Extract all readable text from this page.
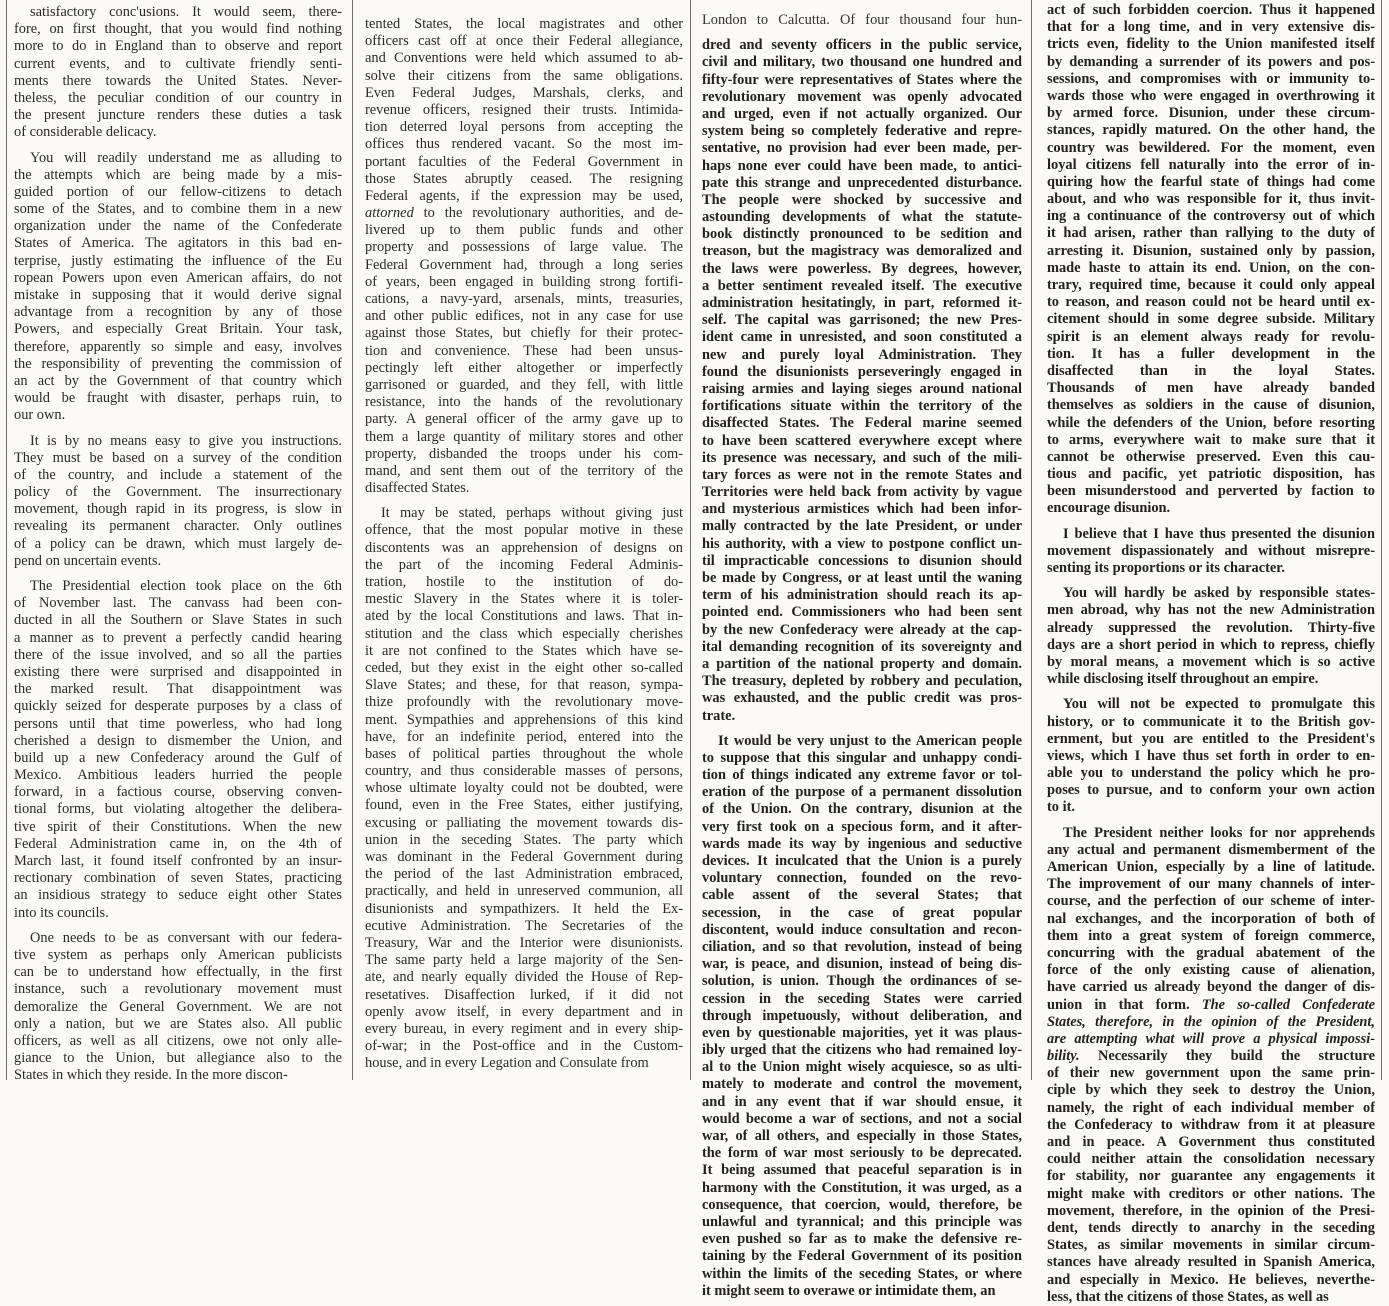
satisfactory conc'usions. It would seem, there-
fore, on first thought, that you would find nothing
more to do in England than to observe and report
current events, and to cultivate friendly senti-
ments there towards the United States. Never-
theless, the peculiar condition of our country in
the present juncture renders these duties a task
of considerable delicacy.
You will readily understand me as alluding to
the attempts which are being made by a mis-
guided portion of our fellow-citizens to detach
some of the States, and to combine them in a new
organization under the name of the Confederate
States of America. The agitators in this bad en-
terprise, justly estimating the influence of the Eu
ropean Powers upon even American affairs, do not
mistake in supposing that it would derive signal
advantage from a recognition by any of those
Powers, and especially Great Britain. Your task,
therefore, apparently so simple and easy, involves
the responsibility of preventing the commission of
an act by the Government of that country which
would be fraught with disaster, perhaps ruin, to
our own.
It is by no means easy to give you instructions.
They must be based on a survey of the condition
of the country, and include a statement of the
policy of the Government. The insurrectionary
movement, though rapid in its progress, is slow in
revealing its permanent character. Only outlines
of a policy can be drawn, which must largely de-
pend on uncertain events.
The Presidential election took place on the 6th
of November last. The canvass had been con-
ducted in all the Southern or Slave States in such
a manner as to prevent a perfectly candid hearing
there of the issue involved, and so all the parties
existing there were surprised and disappointed in
the marked result. That disappointment was
quickly seized for desperate purposes by a class of
persons until that time powerless, who had long
cherished a design to dismember the Union, and
build up a new Confederacy around the Gulf of
Mexico. Ambitious leaders hurried the people
forward, in a factious course, observing conven-
tional forms, but violating altogether the delibera-
tive spirit of their Constitutions. When the new
Federal Administration came in, on the 4th of
March last, it found itself confronted by an insur-
rectionary combination of seven States, practicing
an insidious strategy to seduce eight other States
into its councils.
One needs to be as conversant with our federa-
tive system as perhaps only American publicists
can be to understand how effectually, in the first
instance, such a revolutionary movement must
demoralize the General Government. We are not
only a nation, but we are States also. All public
officers, as well as all citizens, owe not only alle-
giance to the Union, but allegiance also to the
States in which they reside. In the more discon-
tented States, the local magistrates and other
officers cast off at once their Federal allegiance,
and Conventions were held which assumed to ab-
solve their citizens from the same obligations.
Even Federal Judges, Marshals, clerks, and
revenue officers, resigned their trusts. Intimida-
tion deterred loyal persons from accepting the
offices thus rendered vacant. So the most im-
portant faculties of the Federal Government in
those States abruptly ceased. The resigning
Federal agents, if the expression may be used,
attorned to the revolutionary authorities, and de-
livered up to them public funds and other
property and possessions of large value. The
Federal Government had, through a long series
of years, been engaged in building strong fortifi-
cations, a navy-yard, arsenals, mints, treasuries,
and other public edifices, not in any case for use
against those States, but chiefly for their protec-
tion and convenience. These had been unsus-
pectingly left either altogether or imperfectly
garrisoned or guarded, and they fell, with little
resistance, into the hands of the revolutionary
party. A general officer of the army gave up to
them a large quantity of military stores and other
property, disbanded the troops under his com-
mand, and sent them out of the territory of the
disaffected States.
It may be stated, perhaps without giving just
offence, that the most popular motive in these
discontents was an apprehension of designs on
the part of the incoming Federal Adminis-
tration, hostile to the institution of do-
mestic Slavery in the States where it is toler-
ated by the local Constitutions and laws. That in-
stitution and the class which especially cherishes
it are not confined to the States which have se-
ceded, but they exist in the eight other so-called
Slave States; and these, for that reason, sympa-
thize profoundly with the revolutionary move-
ment. Sympathies and apprehensions of this kind
have, for an indefinite period, entered into the
bases of political parties throughout the whole
country, and thus considerable masses of persons,
whose ultimate loyalty could not be doubted, were
found, even in the Free States, either justifying,
excusing or palliating the movement towards dis-
union in the seceding States. The party which
was dominant in the Federal Government during
the period of the last Administration embraced,
practically, and held in unreserved communion, all
disunionists and sympathizers. It held the Ex-
ecutive Administration. The Secretaries of the
Treasury, War and the Interior were disunionists.
The same party held a large majority of the Sen-
ate, and nearly equally divided the House of Rep-
resetatives. Disaffection lurked, if it did not
openly avow itself, in every department and in
every bureau, in every regiment and in every ship-
of-war; in the Post-office and in the Custom-
house, and in every Legation and Consulate from
London to Calcutta. Of four thousand four hun-
dred and seventy officers in the public service,
civil and military, two thousand one hundred and
fifty-four were representatives of States where the
revolutionary movement was openly advocated
and urged, even if not actually organized. Our
system being so completely federative and repre-
sentative, no provision had ever been made, per-
haps none ever could have been made, to antici-
pate this strange and unprecedented disturbance.
The people were shocked by successive and
astounding developments of what the statute-
book distinctly pronounced to be sedition and
treason, but the magistracy was demoralized and
the laws were powerless. By degrees, however,
a better sentiment revealed itself. The executive
administration hesitatingly, in part, reformed it-
self. The capital was garrisoned; the new Pres-
ident came in unresisted, and soon constituted a
new and purely loyal Administration. They
found the disunionists perseveringly engaged in
raising armies and laying sieges around national
fortifications situate within the territory of the
disaffected States. The Federal marine seemed
to have been scattered everywhere except where
its presence was necessary, and such of the mili-
tary forces as were not in the remote States and
Territories were held back from activity by vague
and mysterious armistices which had been infor-
mally contracted by the late President, or under
his authority, with a view to postpone conflict un-
til impracticable concessions to disunion should
be made by Congress, or at least until the waning
term of his administration should reach its ap-
pointed end. Commissioners who had been sent
by the new Confederacy were already at the cap-
ital demanding recognition of its sovereignty and
a partition of the national property and domain.
The treasury, depleted by robbery and peculation,
was exhausted, and the public credit was pros-
trate.
It would be very unjust to the American people
to suppose that this singular and unhappy condi-
tion of things indicated any extreme favor or tol-
eration of the purpose of a permanent dissolution
of the Union. On the contrary, disunion at the
very first took on a specious form, and it after-
wards made its way by ingenious and seductive
devices. It inculcated that the Union is a purely
voluntary connection, founded on the revo-
cable assent of the several States; that
secession, in the case of great popular
discontent, would induce consultation and recon-
ciliation, and so that revolution, instead of being
war, is peace, and disunion, instead of being dis-
solution, is union. Though the ordinances of se-
cession in the seceding States were carried
through impetuously, without deliberation, and
even by questionable majorities, yet it was plaus-
ibly urged that the citizens who had remained loy-
al to the Union might wisely acquiesce, so as ulti-
mately to moderate and control the movement,
and in any event that if war should ensue, it
would become a war of sections, and not a social
war, of all others, and especially in those States,
the form of war most seriously to be deprecated.
It being assumed that peaceful separation is in
harmony with the Constitution, it was urged, as a
consequence, that coercion, would, therefore, be
unlawful and tyrannical; and this principle was
even pushed so far as to make the defensive re-
taining by the Federal Government of its position
within the limits of the seceding States, or where
it might seem to overawe or intimidate them, an
act of such forbidden coercion. Thus it happened
that for a long time, and in very extensive dis-
tricts even, fidelity to the Union manifested itself
by demanding a surrender of its powers and pos-
sessions, and compromises with or immunity to-
wards those who were engaged in overthrowing it
by armed force. Disunion, under these circum-
stances, rapidly matured. On the other hand, the
country was bewildered. For the moment, even
loyal citizens fell naturally into the error of in-
quiring how the fearful state of things had come
about, and who was responsible for it, thus invit-
ing a continuance of the controversy out of which
it had arisen, rather than rallying to the duty of
arresting it. Disunion, sustained only by passion,
made haste to attain its end. Union, on the con-
trary, required time, because it could only appeal
to reason, and reason could not be heard until ex-
citement should in some degree subside. Military
spirit is an element always ready for revolu-
tion. It has a fuller development in the
disaffected than in the loyal States.
Thousands of men have already banded
themselves as soldiers in the cause of disunion,
while the defenders of the Union, before resorting
to arms, everywhere wait to make sure that it
cannot be otherwise preserved. Even this cau-
tious and pacific, yet patriotic disposition, has
been misunderstood and perverted by faction to
encourage disunion.
I believe that I have thus presented the disunion
movement dispassionately and without misrepre-
senting its proportions or its character.
You will hardly be asked by responsible states-
men abroad, why has not the new Administration
already suppressed the revolution. Thirty-five
days are a short period in which to repress, chiefly
by moral means, a movement which is so active
while disclosing itself throughout an empire.
You will not be expected to promulgate this
history, or to communicate it to the British gov-
ernment, but you are entitled to the President's
views, which I have thus set forth in order to en-
able you to understand the policy which he pro-
poses to pursue, and to conform your own action
to it.
The President neither looks for nor apprehends
any actual and permanent dismemberment of the
American Union, especially by a line of latitude.
The improvement of our many channels of inter-
course, and the perfection of our scheme of inter-
nal exchanges, and the incorporation of both of
them into a great system of foreign commerce,
concurring with the gradual abatement of the
force of the only existing cause of alienation,
have carried us already beyond the danger of dis-
union in that form. The so-called Confederate
States, therefore, in the opinion of the President,
are attempting what will prove a physical impossi-
bility. Necessarily they build the structure
of their new government upon the same prin-
ciple by which they seek to destroy the Union,
namely, the right of each individual member of
the Confederacy to withdraw from it at pleasure
and in peace. A Government thus constituted
could neither attain the consolidation necessary
for stability, nor guarantee any engagements it
might make with creditors or other nations. The
movement, therefore, in the opinion of the Presi-
dent, tends directly to anarchy in the seceding
States, as similar movements in similar circum-
stances have already resulted in Spanish America,
and especially in Mexico. He believes, neverthe-
less, that the citizens of those States, as well as
